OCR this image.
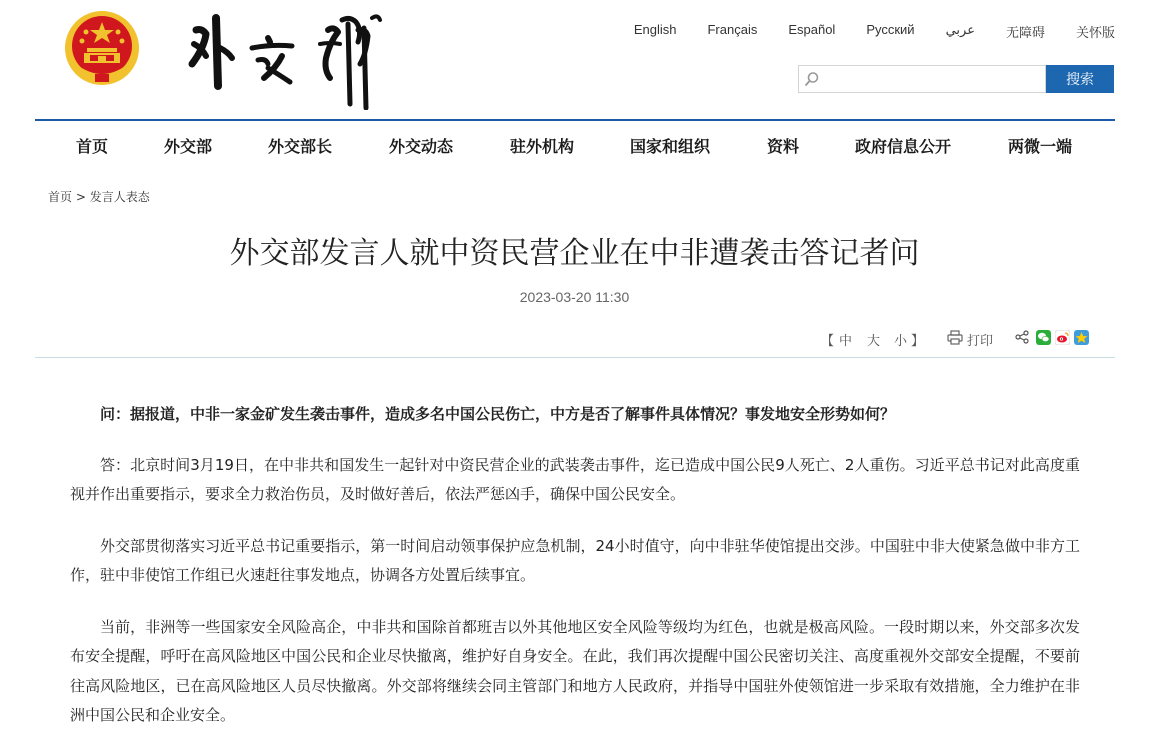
English Français Español Русский عربي 无障碍 关怀版
搜索
首页	外交部	外交部长	外交动态	驻外机构	国家和组织	资料	政府信息公开	两微一端
首页 > 发言人表态
外交部发言人就中资民营企业在中非遭袭击答记者问
2023-03-20 11:30
【 中 大 小 】	打印

问：据报道，中非一家金矿发生袭击事件，造成多名中国公民伤亡，中方是否了解事件具体情况？事发地安全形势如何？

答：北京时间3月19日，在中非共和国发生一起针对中资民营企业的武装袭击事件，迄已造成中国公民9人死亡、2人重伤。习近平总书记对此高度重视并作出重要指示，要求全力救治伤员，及时做好善后，依法严惩凶手，确保中国公民安全。

外交部贯彻落实习近平总书记重要指示，第一时间启动领事保护应急机制，24小时值守，向中非驻华使馆提出交涉。中国驻中非大使紧急做中非方工作，驻中非使馆工作组已火速赶往事发地点，协调各方处置后续事宜。

当前，非洲等一些国家安全风险高企，中非共和国除首都班吉以外其他地区安全风险等级均为红色，也就是极高风险。一段时期以来，外交部多次发布安全提醒，呼吁在高风险地区中国公民和企业尽快撤离，维护好自身安全。在此，我们再次提醒中国公民密切关注、高度重视外交部安全提醒，不要前往高风险地区，已在高风险地区人员尽快撤离。外交部将继续会同主管部门和地方人民政府，并指导中国驻外使领馆进一步采取有效措施，全力维护在非洲中国公民和企业安全。
